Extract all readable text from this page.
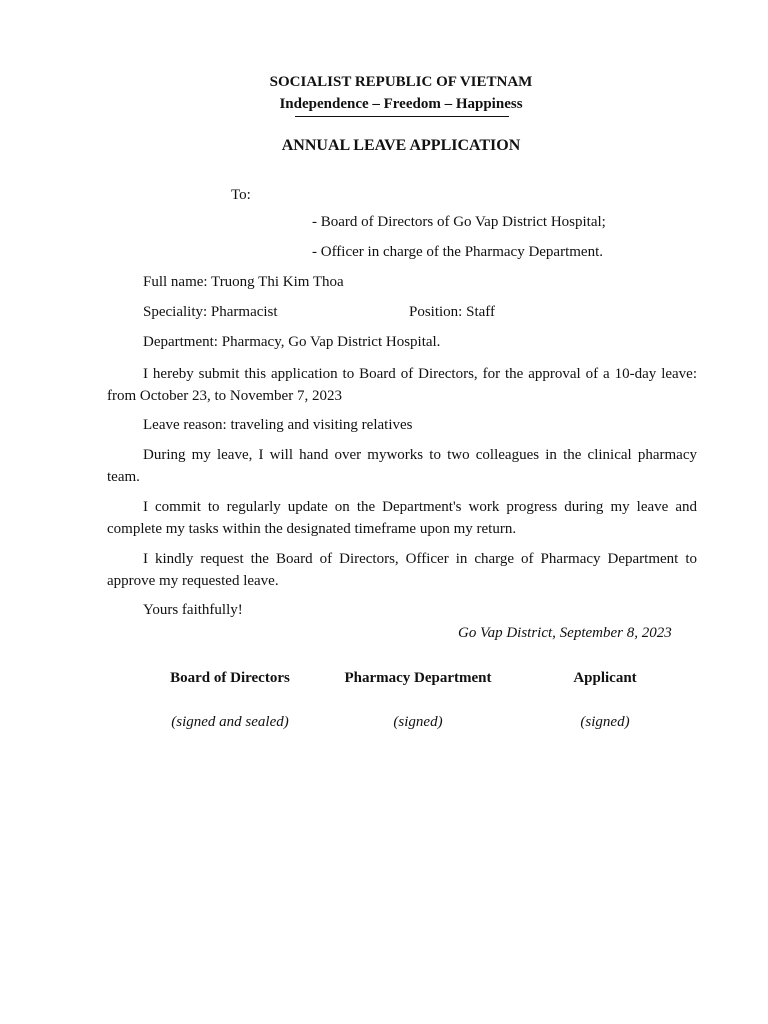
SOCIALIST REPUBLIC OF VIETNAM
Independence – Freedom – Happiness
ANNUAL LEAVE APPLICATION
To:
- Board of Directors of Go Vap District Hospital;
- Officer in charge of the Pharmacy Department.
Full name: Truong Thi Kim Thoa
Speciality: Pharmacist	Position: Staff
Department: Pharmacy, Go Vap District Hospital.
I hereby submit this application to Board of Directors, for the approval of a 10-day leave: from October 23, to November 7, 2023
Leave reason: traveling and visiting relatives
During my leave, I will hand over myworks to two colleagues in the clinical pharmacy team.
I commit to regularly update on the Department's work progress during my leave and complete my tasks within the designated timeframe upon my return.
I kindly request the Board of Directors, Officer in charge of Pharmacy Department to approve my requested leave.
Yours faithfully!
Go Vap District, September 8, 2023
Board of Directors	Pharmacy Department	Applicant
(signed and sealed)	(signed)	(signed)
